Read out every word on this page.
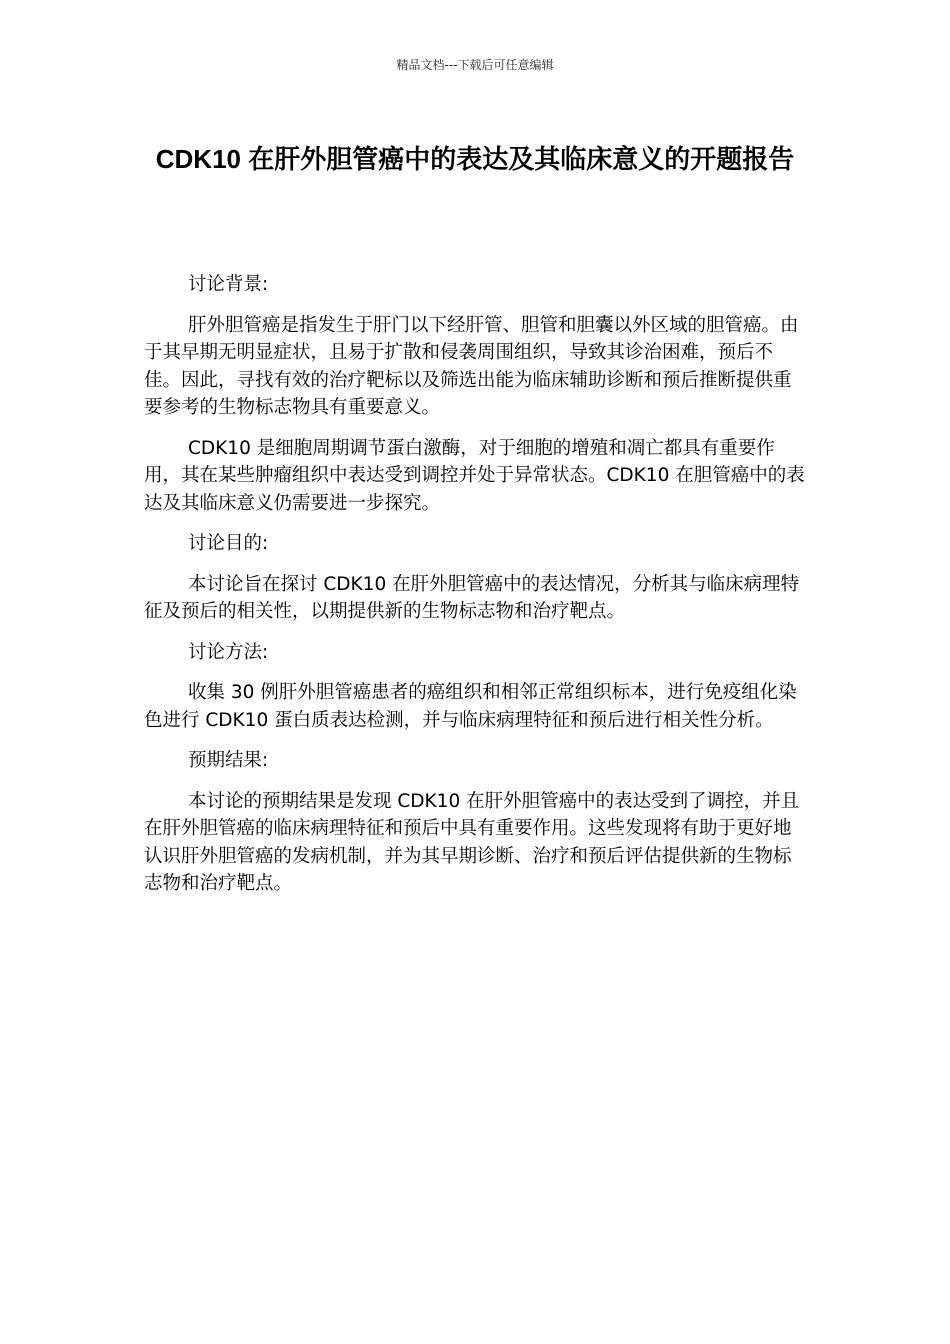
精品文档---下载后可任意编辑
CDK10 在肝外胆管癌中的表达及其临床意义的开题报告

讨论背景:

肝外胆管癌是指发生于肝门以下经肝管、胆管和胆囊以外区域的胆管癌。由于其早期无明显症状，且易于扩散和侵袭周围组织，导致其诊治困难，预后不佳。因此，寻找有效的治疗靶标以及筛选出能为临床辅助诊断和预后推断提供重要参考的生物标志物具有重要意义。

CDK10 是细胞周期调节蛋白激酶，对于细胞的增殖和凋亡都具有重要作用，其在某些肿瘤组织中表达受到调控并处于异常状态。CDK10 在胆管癌中的表达及其临床意义仍需要进一步探究。

讨论目的:

本讨论旨在探讨 CDK10 在肝外胆管癌中的表达情况，分析其与临床病理特征及预后的相关性，以期提供新的生物标志物和治疗靶点。

讨论方法:

收集 30 例肝外胆管癌患者的癌组织和相邻正常组织标本，进行免疫组化染色进行 CDK10 蛋白质表达检测，并与临床病理特征和预后进行相关性分析。

预期结果:

本讨论的预期结果是发现 CDK10 在肝外胆管癌中的表达受到了调控，并且在肝外胆管癌的临床病理特征和预后中具有重要作用。这些发现将有助于更好地认识肝外胆管癌的发病机制，并为其早期诊断、治疗和预后评估提供新的生物标志物和治疗靶点。
